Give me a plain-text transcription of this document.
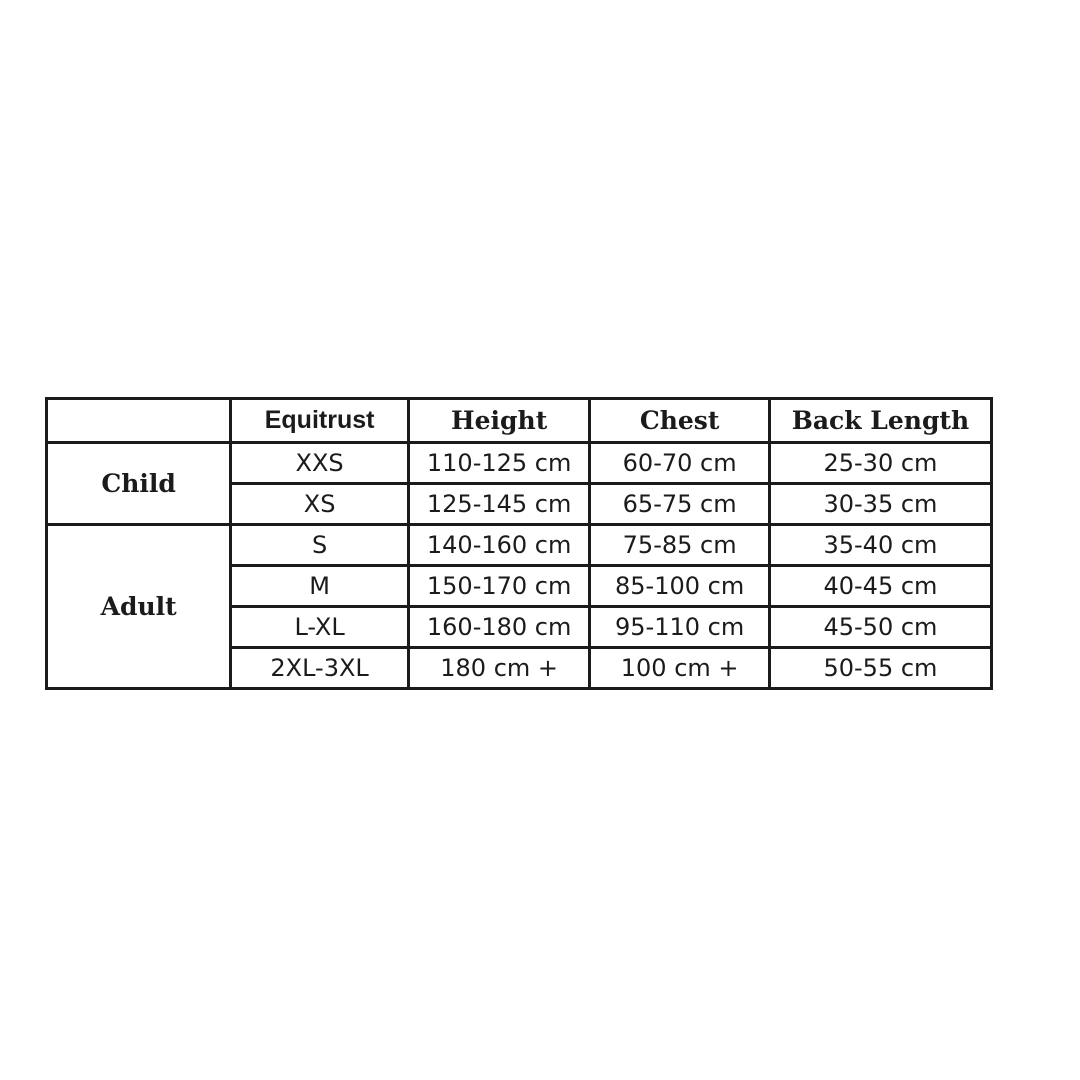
	Equitrust	Height	Chest	Back Length
Child	XXS	110-125 cm	60-70 cm	25-30 cm
	XS	125-145 cm	65-75 cm	30-35 cm
Adult	S	140-160 cm	75-85 cm	35-40 cm
	M	150-170 cm	85-100 cm	40-45 cm
	L-XL	160-180 cm	95-110 cm	45-50 cm
	2XL-3XL	180 cm +	100 cm +	50-55 cm
